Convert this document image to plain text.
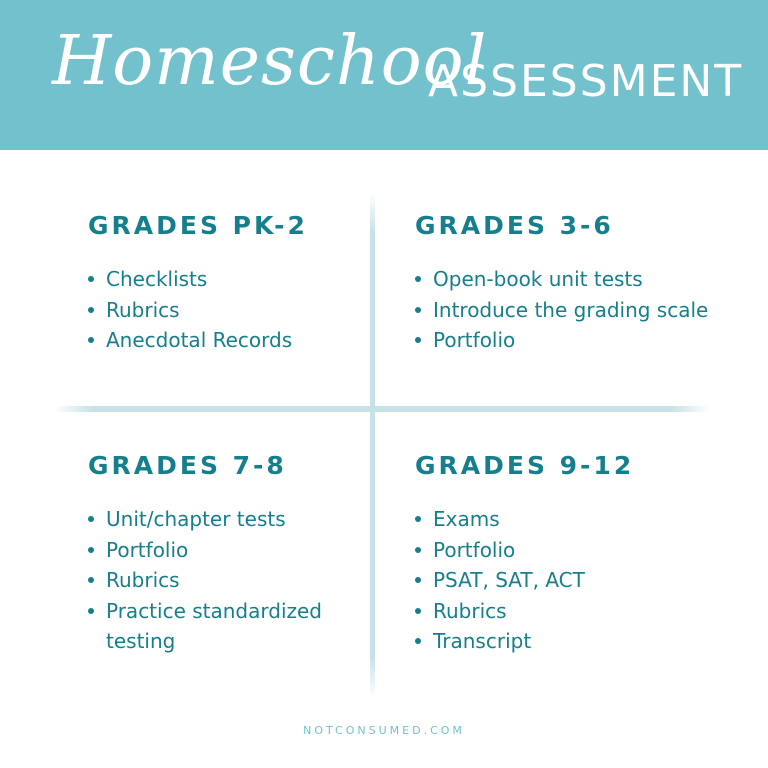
Homeschool
ASSESSMENT
GRADES PK-2
Checklists
Rubrics
Anecdotal Records
GRADES 3-6
Open-book unit tests
Introduce the grading scale
Portfolio
GRADES 7-8
Unit/chapter tests
Portfolio
Rubrics
Practice standardized testing
GRADES 9-12
Exams
Portfolio
PSAT, SAT, ACT
Rubrics
Transcript
NOTCONSUMED.COM
